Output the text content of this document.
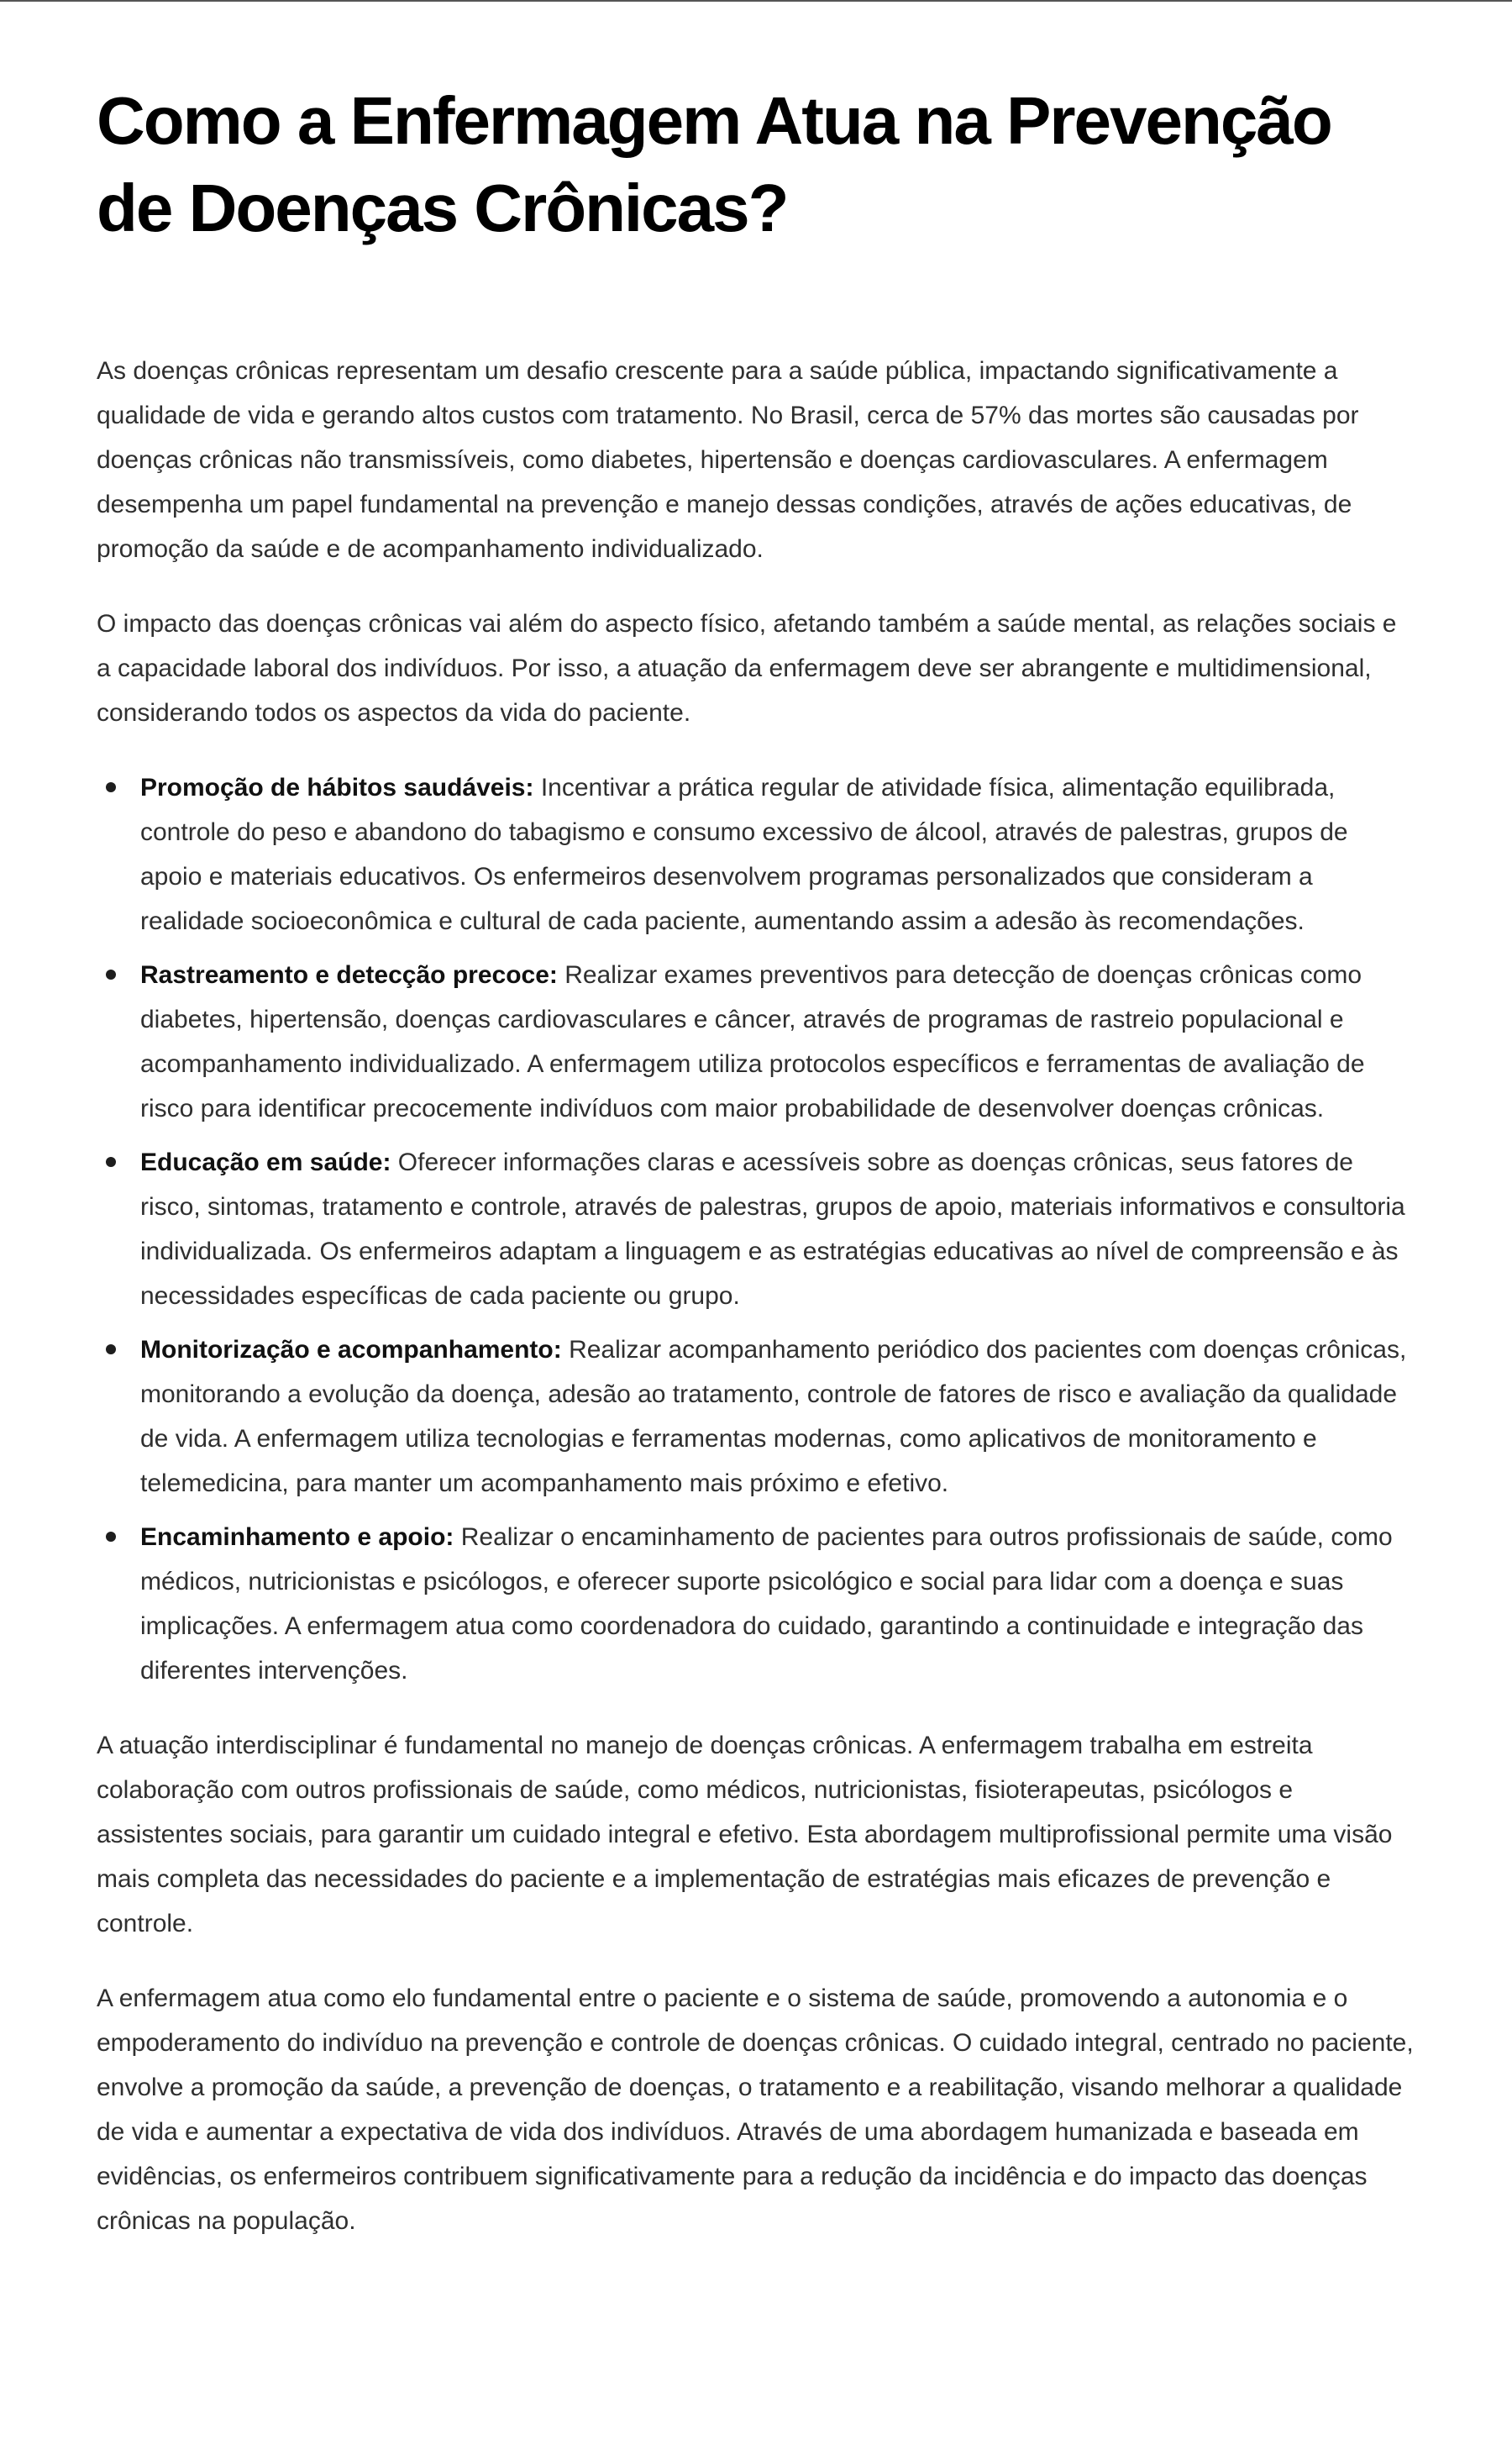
Como a Enfermagem Atua na Prevenção de Doenças Crônicas?

As doenças crônicas representam um desafio crescente para a saúde pública, impactando significativamente a qualidade de vida e gerando altos custos com tratamento. No Brasil, cerca de 57% das mortes são causadas por doenças crônicas não transmissíveis, como diabetes, hipertensão e doenças cardiovasculares. A enfermagem desempenha um papel fundamental na prevenção e manejo dessas condições, através de ações educativas, de promoção da saúde e de acompanhamento individualizado.

O impacto das doenças crônicas vai além do aspecto físico, afetando também a saúde mental, as relações sociais e a capacidade laboral dos indivíduos. Por isso, a atuação da enfermagem deve ser abrangente e multidimensional, considerando todos os aspectos da vida do paciente.

Promoção de hábitos saudáveis: Incentivar a prática regular de atividade física, alimentação equilibrada, controle do peso e abandono do tabagismo e consumo excessivo de álcool, através de palestras, grupos de apoio e materiais educativos. Os enfermeiros desenvolvem programas personalizados que consideram a realidade socioeconômica e cultural de cada paciente, aumentando assim a adesão às recomendações.
Rastreamento e detecção precoce: Realizar exames preventivos para detecção de doenças crônicas como diabetes, hipertensão, doenças cardiovasculares e câncer, através de programas de rastreio populacional e acompanhamento individualizado. A enfermagem utiliza protocolos específicos e ferramentas de avaliação de risco para identificar precocemente indivíduos com maior probabilidade de desenvolver doenças crônicas.
Educação em saúde: Oferecer informações claras e acessíveis sobre as doenças crônicas, seus fatores de risco, sintomas, tratamento e controle, através de palestras, grupos de apoio, materiais informativos e consultoria individualizada. Os enfermeiros adaptam a linguagem e as estratégias educativas ao nível de compreensão e às necessidades específicas de cada paciente ou grupo.
Monitorização e acompanhamento: Realizar acompanhamento periódico dos pacientes com doenças crônicas, monitorando a evolução da doença, adesão ao tratamento, controle de fatores de risco e avaliação da qualidade de vida. A enfermagem utiliza tecnologias e ferramentas modernas, como aplicativos de monitoramento e telemedicina, para manter um acompanhamento mais próximo e efetivo.
Encaminhamento e apoio: Realizar o encaminhamento de pacientes para outros profissionais de saúde, como médicos, nutricionistas e psicólogos, e oferecer suporte psicológico e social para lidar com a doença e suas implicações. A enfermagem atua como coordenadora do cuidado, garantindo a continuidade e integração das diferentes intervenções.

A atuação interdisciplinar é fundamental no manejo de doenças crônicas. A enfermagem trabalha em estreita colaboração com outros profissionais de saúde, como médicos, nutricionistas, fisioterapeutas, psicólogos e assistentes sociais, para garantir um cuidado integral e efetivo. Esta abordagem multiprofissional permite uma visão mais completa das necessidades do paciente e a implementação de estratégias mais eficazes de prevenção e controle.

A enfermagem atua como elo fundamental entre o paciente e o sistema de saúde, promovendo a autonomia e o empoderamento do indivíduo na prevenção e controle de doenças crônicas. O cuidado integral, centrado no paciente, envolve a promoção da saúde, a prevenção de doenças, o tratamento e a reabilitação, visando melhorar a qualidade de vida e aumentar a expectativa de vida dos indivíduos. Através de uma abordagem humanizada e baseada em evidências, os enfermeiros contribuem significativamente para a redução da incidência e do impacto das doenças crônicas na população.
